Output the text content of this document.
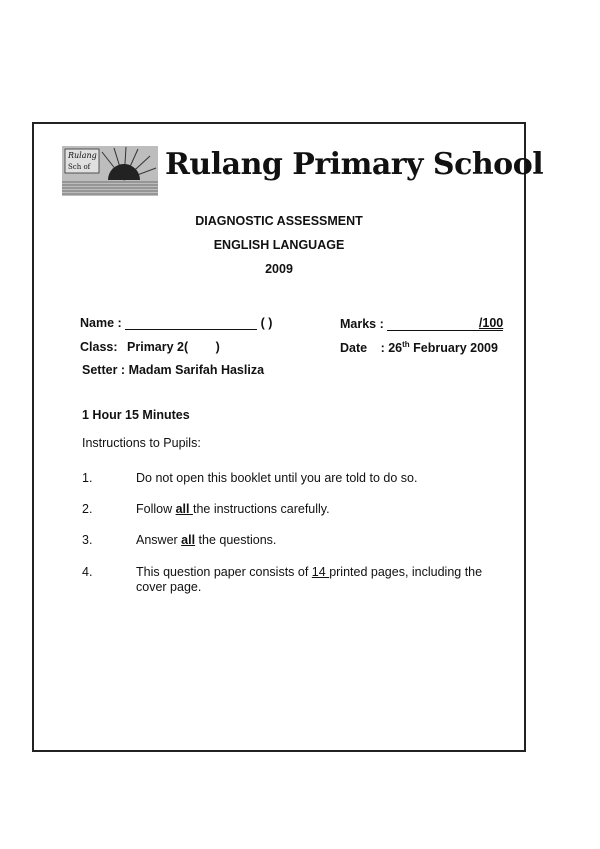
Rulang
Sch of Rulang Primary School
DIAGNOSTIC ASSESSMENT
ENGLISH LANGUAGE
2009
Name :	( )	Marks :	/100
Class: Primary 2( )	Date : 26th February 2009
Setter : Madam Sarifah Hasliza
1 Hour 15 Minutes
Instructions to Pupils:
1.	Do not open this booklet until you are told to do so.
2.	Follow all the instructions carefully.
3.	Answer all the questions.
4.	This question paper consists of 14 printed pages, including the cover page.
